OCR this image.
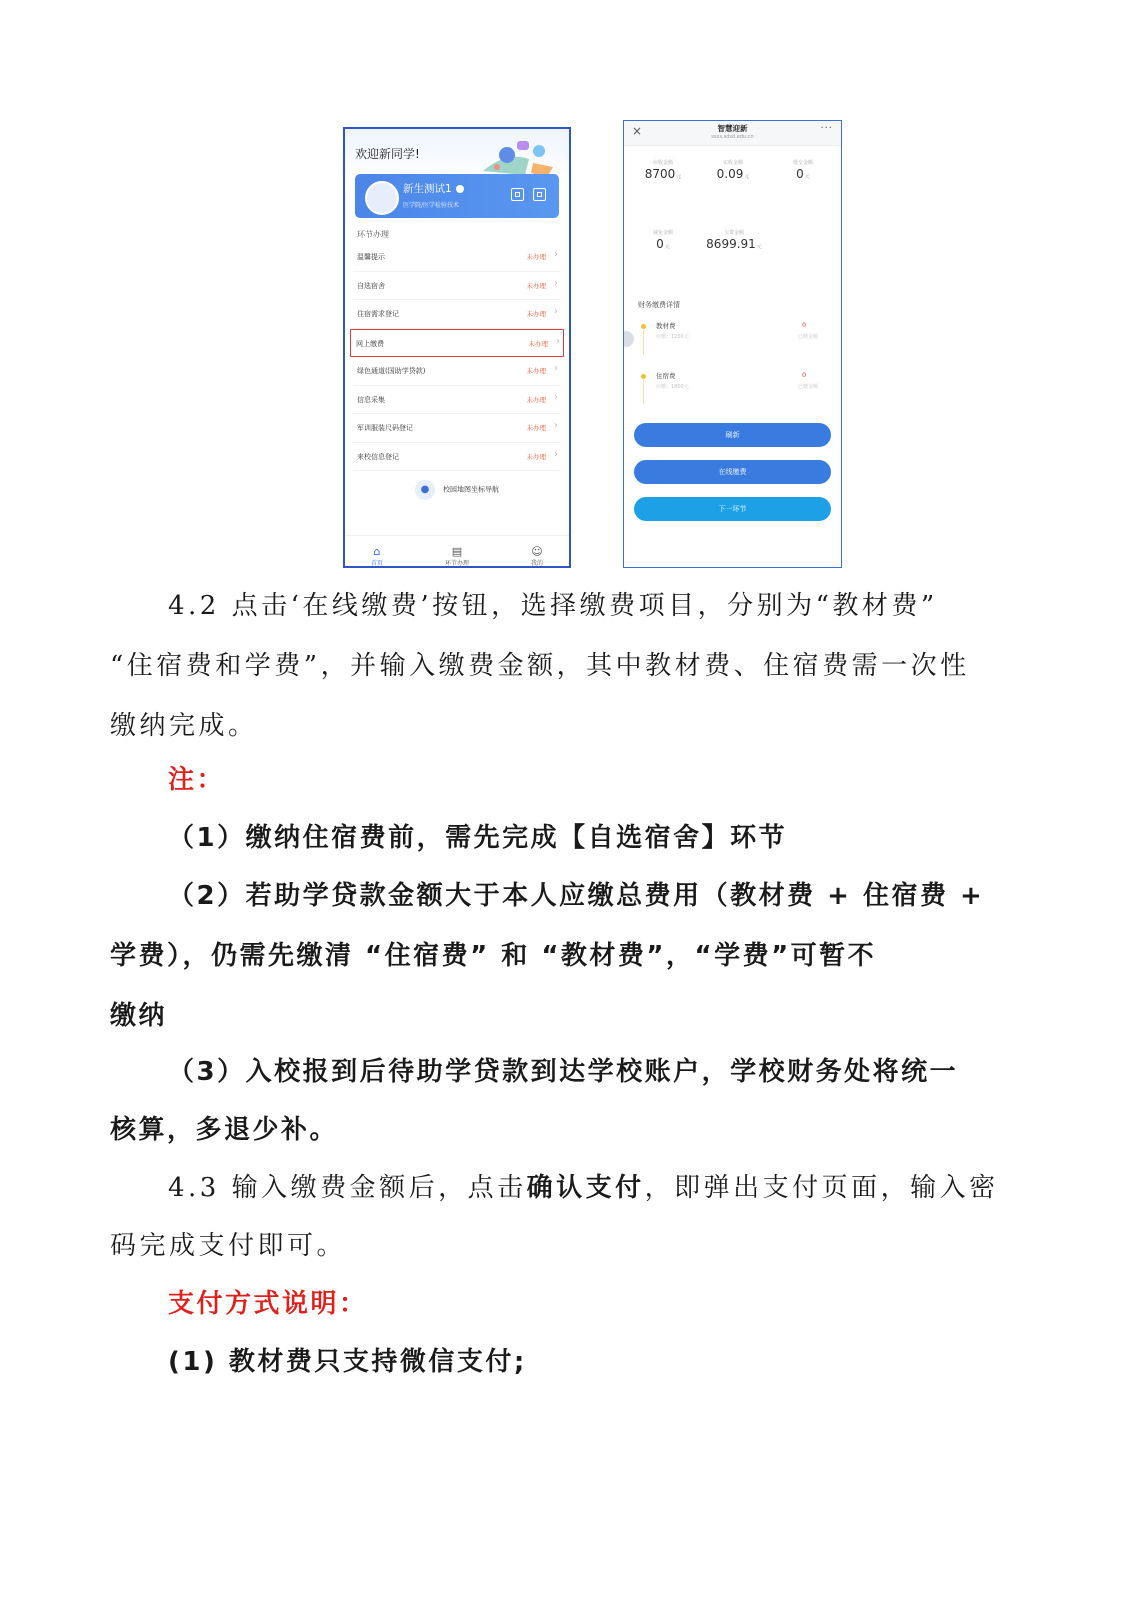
欢迎新同学!
新生测试1
医学院/医学检验技术
环节办理
温馨提示	未办理 ›
自选宿舍	未办理 ›
住宿需求登记	未办理 ›
网上缴费	未办理 ›
绿色通道(国助学贷款)	未办理 ›
信息采集	未办理 ›
军训服装尺码登记	未办理 ›
来校信息登记	未办理 ›
● 校园地图坐标导航
⌂
首页
▤
环节办理
☺
我的
×	智慧迎新
ssxs.sdsd.edu.cn
···
应收金额
8700元
实收金额
0.09元
缓交金额
0元
减免金额
0元
欠费金额
8699.91元
财务缴费详情
教材费
应缴：1200元
0
已缴金额
住宿费
应缴：1800元
0
已缴金额
刷新
在线缴费
下一环节
4.2 点击‘在线缴费’按钮，选择缴费项目，分别为“教材费”
“住宿费和学费”，并输入缴费金额，其中教材费、住宿费需一次性
缴纳完成。
注：
（1）缴纳住宿费前，需先完成【自选宿舍】环节
（2）若助学贷款金额大于本人应缴总费用（教材费 + 住宿费 +
学费），仍需先缴清 “住宿费” 和 “教材费”，“学费”可暂不
缴纳
（3）入校报到后待助学贷款到达学校账户，学校财务处将统一
核算，多退少补。
4.3 输入缴费金额后，点击确认支付，即弹出支付页面，输入密
码完成支付即可。
支付方式说明：
(1) 教材费只支持微信支付;
